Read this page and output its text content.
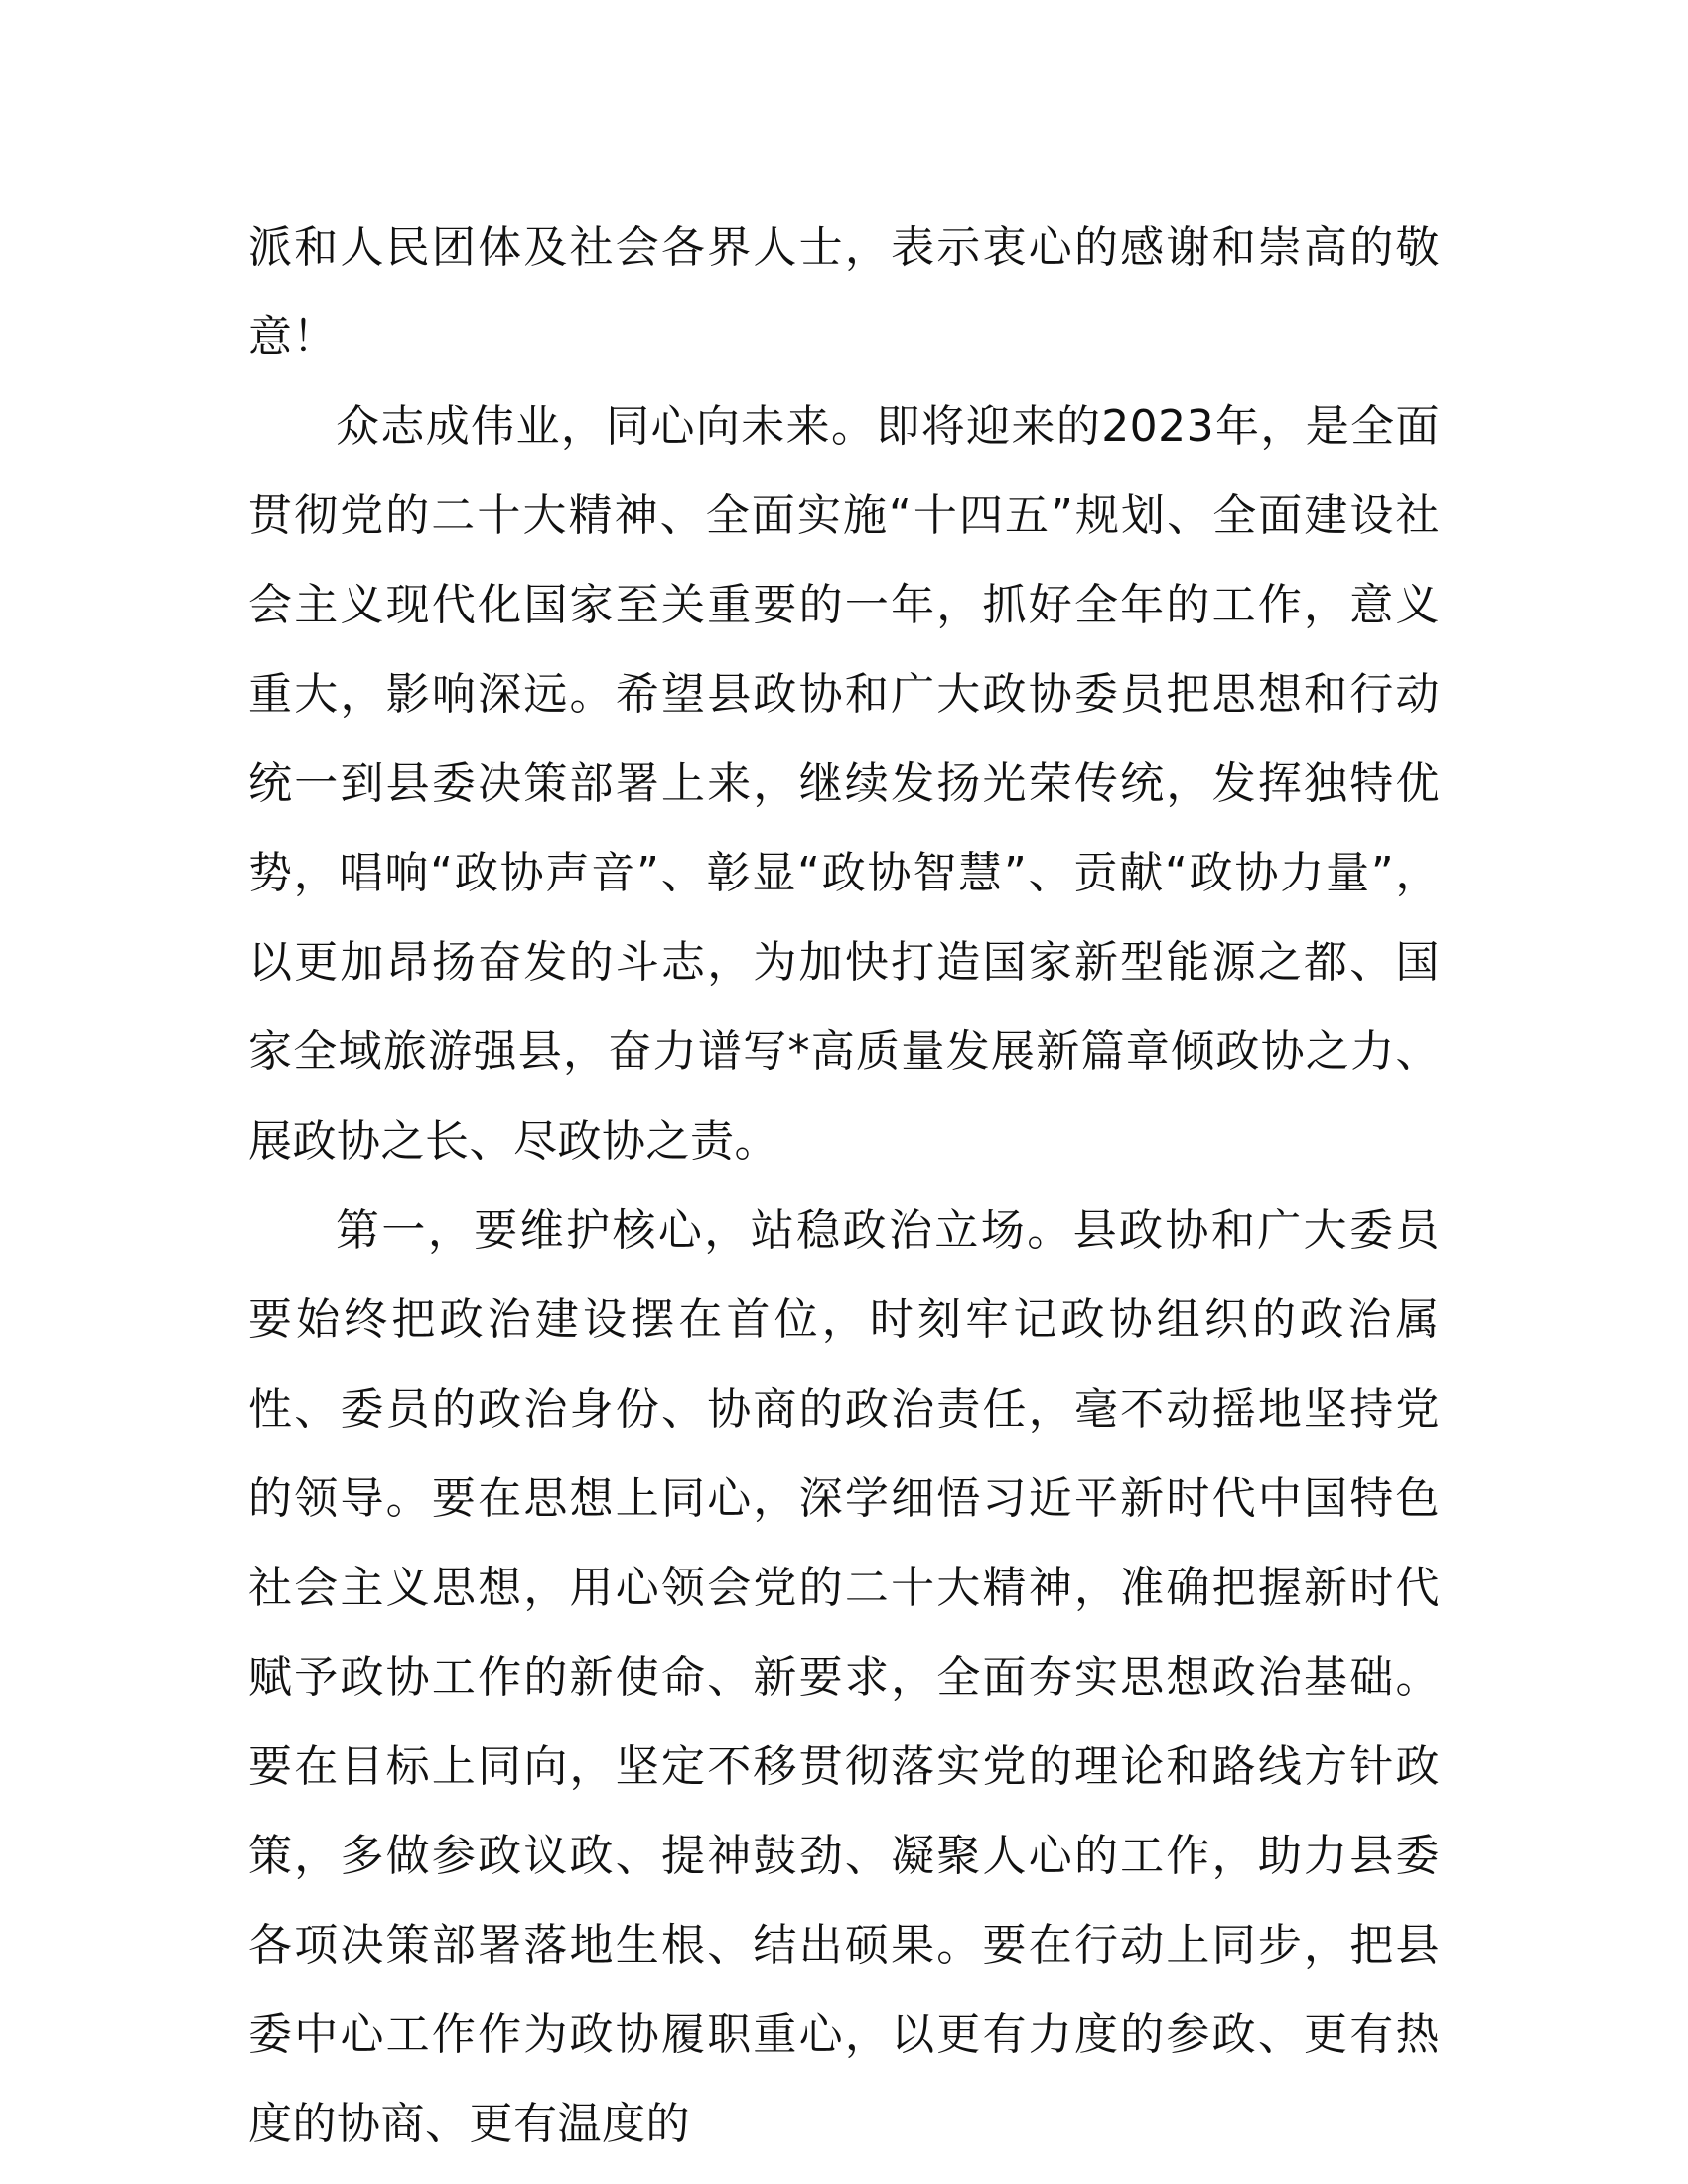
派和人民团体及社会各界人士，表示衷心的感谢和崇高的敬意！

众志成伟业，同心向未来。即将迎来的2023年，是全面贯彻党的二十大精神、全面实施“十四五”规划、全面建设社会主义现代化国家至关重要的一年，抓好全年的工作，意义重大，影响深远。希望县政协和广大政协委员把思想和行动统一到县委决策部署上来，继续发扬光荣传统，发挥独特优势，唱响“政协声音”、彰显“政协智慧”、贡献“政协力量”，以更加昂扬奋发的斗志，为加快打造国家新型能源之都、国家全域旅游强县，奋力谱写*高质量发展新篇章倾政协之力、展政协之长、尽政协之责。

第一，要维护核心，站稳政治立场。县政协和广大委员要始终把政治建设摆在首位，时刻牢记政协组织的政治属性、委员的政治身份、协商的政治责任，毫不动摇地坚持党的领导。要在思想上同心，深学细悟习近平新时代中国特色社会主义思想，用心领会党的二十大精神，准确把握新时代赋予政协工作的新使命、新要求，全面夯实思想政治基础。要在目标上同向，坚定不移贯彻落实党的理论和路线方针政策，多做参政议政、提神鼓劲、凝聚人心的工作，助力县委各项决策部署落地生根、结出硕果。要在行动上同步，把县委中心工作作为政协履职重心，以更有力度的参政、更有热度的协商、更有温度的
